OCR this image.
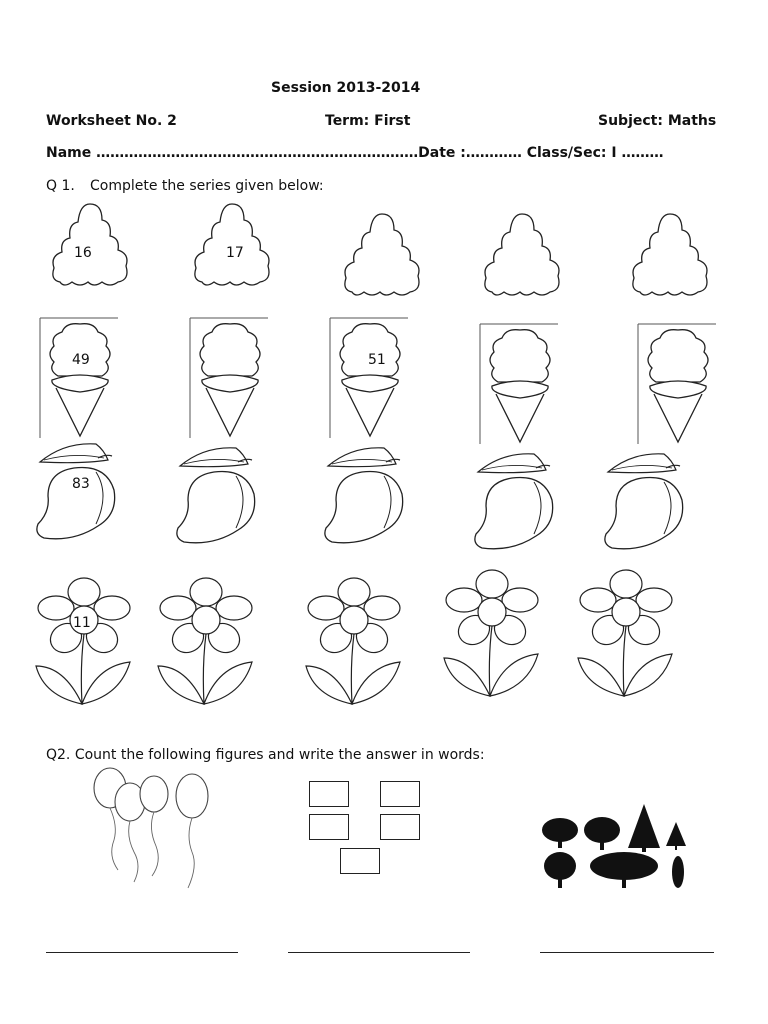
Session 2013-2014
Worksheet No. 2	Term: First	Subject: Maths
Name ……………………………………………………………Date :………… Class/Sec: I ………
Q 1. Complete the series given below:
16	17
49	51
83
11
Q2. Count the following figures and write the answer in words:
